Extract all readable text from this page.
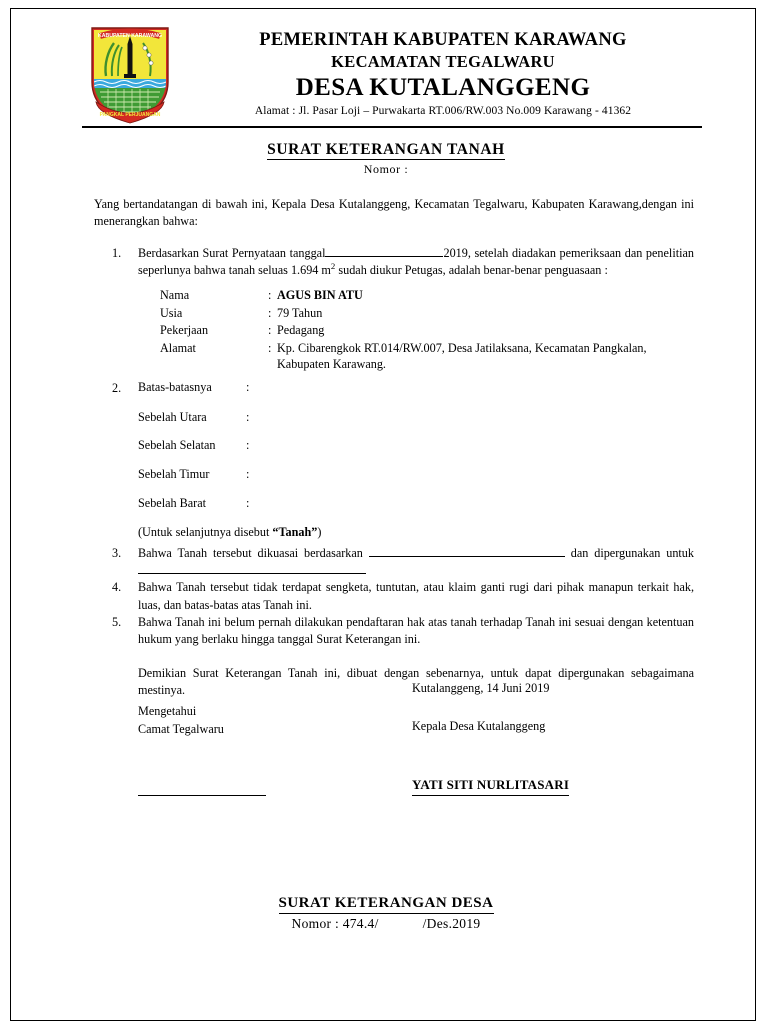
KABUPATEN KARAWANG
PANGKAL PERJUANGAN
PEMERINTAH KABUPATEN KARAWANG
KECAMATAN TEGALWARU
DESA KUTALANGGENG
Alamat : Jl. Pasar Loji – Purwakarta RT.006/RW.003 No.009 Karawang - 41362
SURAT KETERANGAN TANAH
Nomor :
Yang bertandatangan di bawah ini, Kepala Desa Kutalanggeng, Kecamatan Tegalwaru, Kabupaten Karawang,dengan ini menerangkan bahwa:
1.	Berdasarkan Surat Pernyataan tanggal	2019, setelah diadakan pemeriksaan dan penelitian seperlunya bahwa tanah seluas 1.694 $m^2$ sudah diukur Petugas, adalah benar-benar penguasaan :
Nama	:	AGUS BIN ATU
Usia	:	79 Tahun
Pekerjaan	:	Pedagang
Alamat	:	Kp. Cibarengkok RT.014/RW.007, Desa Jatilaksana, Kecamatan Pangkalan, Kabupaten Karawang.
2.	Batas-batasnya	:	
Sebelah Utara	:	
Sebelah Selatan	:	
Sebelah Timur	:	
Sebelah Barat	:	
(Untuk selanjutnya disebut “Tanah”)
3.	Bahwa Tanah tersebut dikuasai berdasarkan	dan dipergunakan untuk
4.	Bahwa Tanah tersebut tidak terdapat sengketa, tuntutan, atau klaim ganti rugi dari pihak manapun terkait hak, luas, dan batas-batas atas Tanah ini.
5.	Bahwa Tanah ini belum pernah dilakukan pendaftaran hak atas tanah terhadap Tanah ini sesuai dengan ketentuan hukum yang berlaku hingga tanggal Surat Keterangan ini.
Demikian Surat Keterangan Tanah ini, dibuat dengan sebenarnya, untuk dapat dipergunakan sebagaimana mestinya.	Kutalanggeng, 14 Juni 2019
Mengetahui
Camat Tegalwaru	Kepala Desa Kutalanggeng
YATI SITI NURLITASARI
SURAT KETERANGAN DESA
Nomor : 474.4/	/Des.2019
